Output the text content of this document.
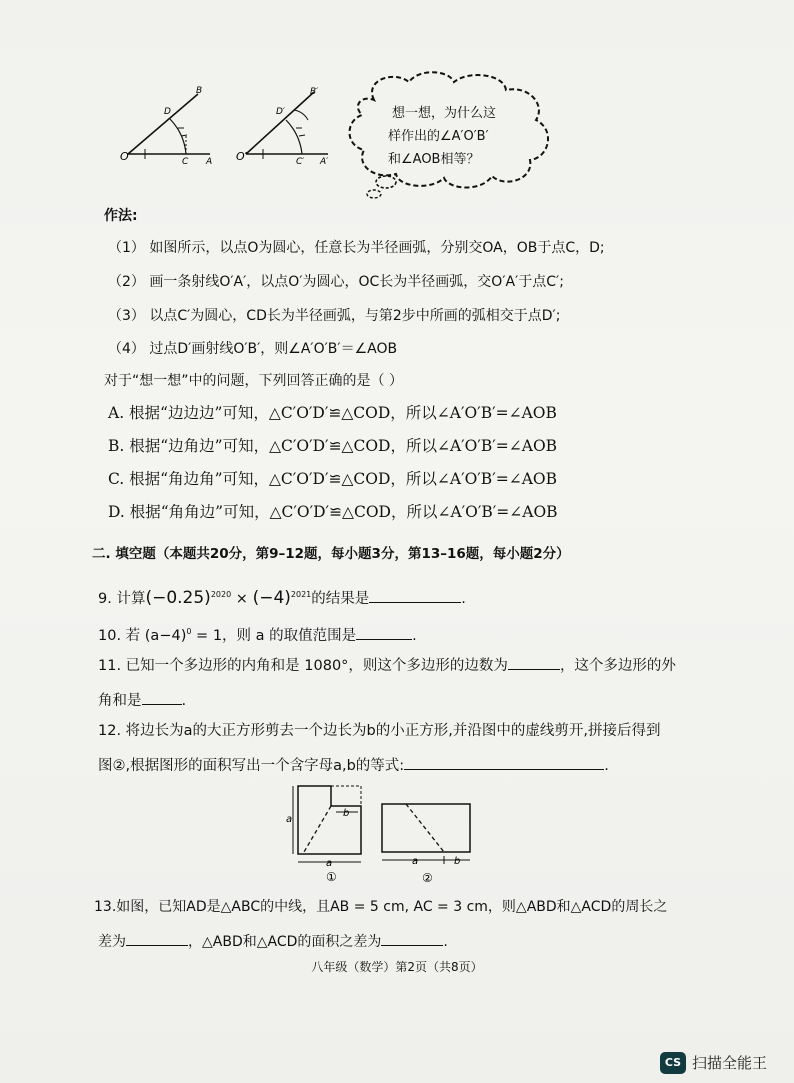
O	A
B
C
D
O′	A′
B′
C′
D′	想一想，为什么这
样作出的∠A′O′B′
和∠AOB相等？
作法:
（1） 如图所示，以点O为圆心，任意长为半径画弧，分别交OA，OB于点C，D;
（2） 画一条射线O′A′，以点O′为圆心，OC长为半径画弧，交O′A′于点C′;
（3） 以点C′为圆心，CD长为半径画弧，与第2步中所画的弧相交于点D′;
（4） 过点D′画射线O′B′，则∠A′O′B′＝∠AOB
对于“想一想”中的问题，下列回答正确的是（ ）
A. 根据“边边边”可知，△C′O′D′≌△COD，所以∠A′O′B′=∠AOB
B. 根据“边角边”可知，△C′O′D′≌△COD，所以∠A′O′B′=∠AOB
C. 根据“角边角”可知，△C′O′D′≌△COD，所以∠A′O′B′=∠AOB
D. 根据“角角边”可知，△C′O′D′≌△COD，所以∠A′O′B′=∠AOB
二. 填空题（本题共20分，第9–12题，每小题3分，第13–16题，每小题2分）
9. 计算$(-0.25)^{2020} \times (-4)^{2021}$的结果是	.
10. 若 $(a-4)^0 = 1$，则 a 的取值范围是	.
11. 已知一个多边形的内角和是 1080°，则这个多边形的边数为	，这个多边形的外
角和是	.
12. 将边长为a的大正方形剪去一个边长为b的小正方形,并沿图中的虚线剪开,拼接后得到
图②,根据图形的面积写出一个含字母a,b的等式:	.
a
a
b
①
a	b
②
13.如图，已知AD是△ABC的中线，且AB = 5 cm, AC = 3 cm，则△ABD和△ACD的周长之
差为	，△ABD和△ACD的面积之差为	.
八年级（数学）第2页（共8页）
CS 扫描全能王
